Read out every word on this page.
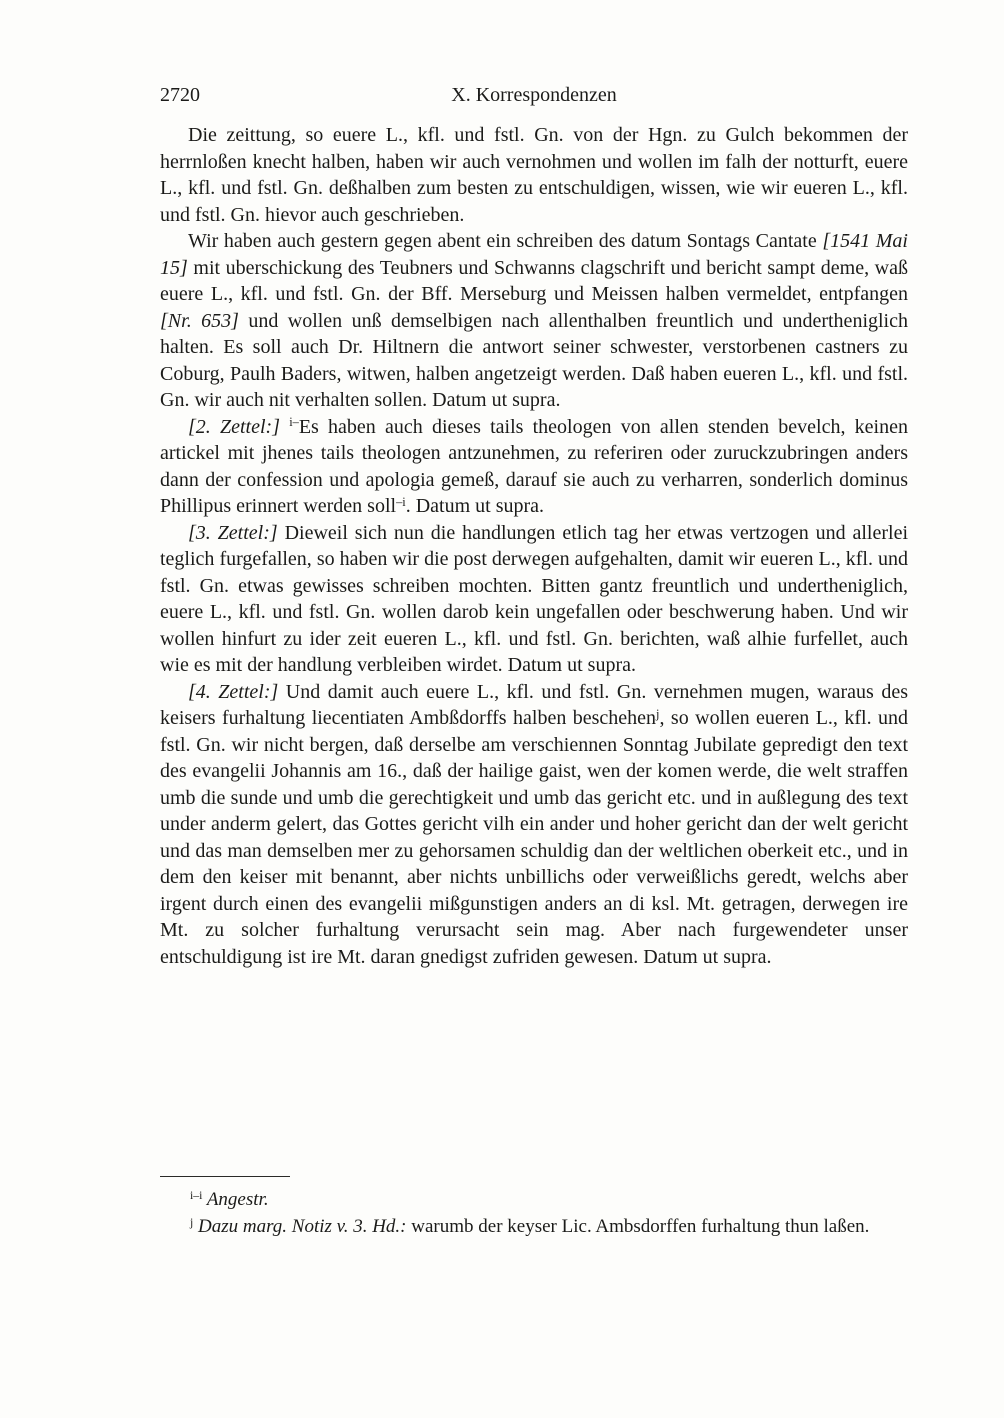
2720	X. Korrespondenzen

Die zeittung, so euere L., kfl. und fstl. Gn. von der Hgn. zu Gulch bekommen der herrnloßen knecht halben, haben wir auch vernohmen und wollen im falh der notturft, euere L., kfl. und fstl. Gn. deßhalben zum besten zu entschuldigen, wissen, wie wir eueren L., kfl. und fstl. Gn. hievor auch geschrieben.

Wir haben auch gestern gegen abent ein schreiben des datum Sontags Cantate [1541 Mai 15] mit uberschickung des Teubners und Schwanns clagschrift und bericht sampt deme, waß euere L., kfl. und fstl. Gn. der Bff. Merseburg und Meissen halben vermeldet, entpfangen [Nr. 653] und wollen unß demselbigen nach allenthalben freuntlich und undertheniglich halten. Es soll auch Dr. Hiltnern die antwort seiner schwester, verstorbenen castners zu Coburg, Paulh Baders, witwen, halben angetzeigt werden. Daß haben eueren L., kfl. und fstl. Gn. wir auch nit verhalten sollen. Datum ut supra.

[2. Zettel:] $^{i-}$Es haben auch dieses tails theologen von allen stenden bevelch, keinen artickel mit jhenes tails theologen antzunehmen, zu referiren oder zuruckzubringen anders dann der confession und apologia gemeß, darauf sie auch zu verharren, sonderlich dominus Phillipus erinnert werden soll$^{-i}$. Datum ut supra.

[3. Zettel:] Dieweil sich nun die handlungen etlich tag her etwas vertzogen und allerlei teglich furgefallen, so haben wir die post derwegen aufgehalten, damit wir eueren L., kfl. und fstl. Gn. etwas gewisses schreiben mochten. Bitten gantz freuntlich und undertheniglich, euere L., kfl. und fstl. Gn. wollen darob kein ungefallen oder beschwerung haben. Und wir wollen hinfurt zu ider zeit eueren L., kfl. und fstl. Gn. berichten, waß alhie furfellet, auch wie es mit der handlung verbleiben wirdet. Datum ut supra.

[4. Zettel:] Und damit auch euere L., kfl. und fstl. Gn. vernehmen mugen, waraus des keisers furhaltung liecentiaten Ambßdorffs halben beschehen$^j$, so wollen eueren L., kfl. und fstl. Gn. wir nicht bergen, daß derselbe am verschiennen Sonntag Jubilate gepredigt den text des evangelii Johannis am 16., daß der hailige gaist, wen der komen werde, die welt straffen umb die sunde und umb die gerechtigkeit und umb das gericht etc. und in außlegung des text under anderm gelert, das Gottes gericht vilh ein ander und hoher gericht dan der welt gericht und das man demselben mer zu gehorsamen schuldig dan der weltlichen oberkeit etc., und in dem den keiser mit benannt, aber nichts unbillichs oder verweißlichs geredt, welchs aber irgent durch einen des evangelii mißgunstigen anders an di ksl. Mt. getragen, derwegen ire Mt. zu solcher furhaltung verursacht sein mag. Aber nach furgewendeter unser entschuldigung ist ire Mt. daran gnedigst zufriden gewesen. Datum ut supra.

$^{i-i}$ Angestr.

$^j$ Dazu marg. Notiz v. 3. Hd.: warumb der keyser Lic. Ambsdorffen furhaltung thun laßen.
